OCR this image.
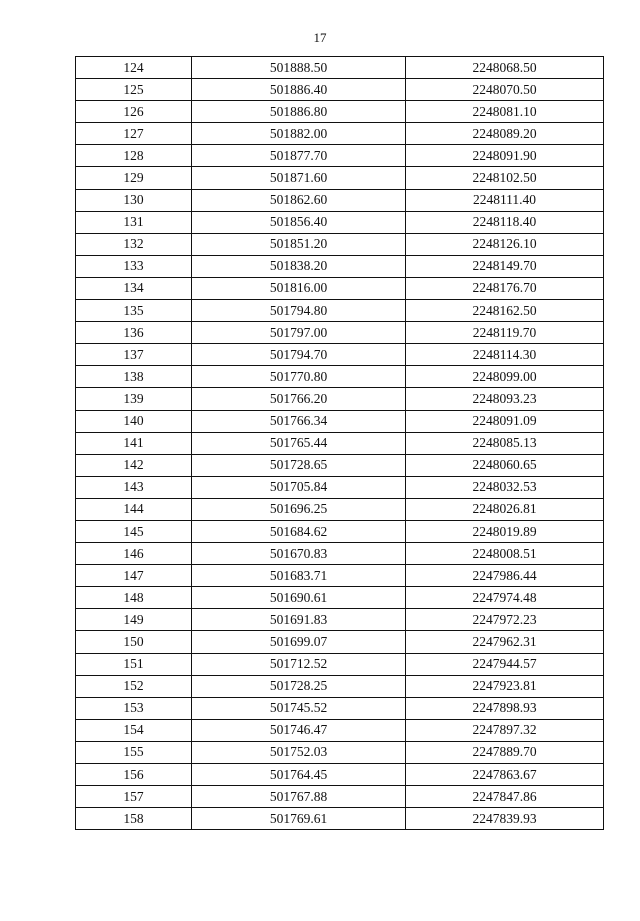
17
124	501888.50	2248068.50
125	501886.40	2248070.50
126	501886.80	2248081.10
127	501882.00	2248089.20
128	501877.70	2248091.90
129	501871.60	2248102.50
130	501862.60	2248111.40
131	501856.40	2248118.40
132	501851.20	2248126.10
133	501838.20	2248149.70
134	501816.00	2248176.70
135	501794.80	2248162.50
136	501797.00	2248119.70
137	501794.70	2248114.30
138	501770.80	2248099.00
139	501766.20	2248093.23
140	501766.34	2248091.09
141	501765.44	2248085.13
142	501728.65	2248060.65
143	501705.84	2248032.53
144	501696.25	2248026.81
145	501684.62	2248019.89
146	501670.83	2248008.51
147	501683.71	2247986.44
148	501690.61	2247974.48
149	501691.83	2247972.23
150	501699.07	2247962.31
151	501712.52	2247944.57
152	501728.25	2247923.81
153	501745.52	2247898.93
154	501746.47	2247897.32
155	501752.03	2247889.70
156	501764.45	2247863.67
157	501767.88	2247847.86
158	501769.61	2247839.93
